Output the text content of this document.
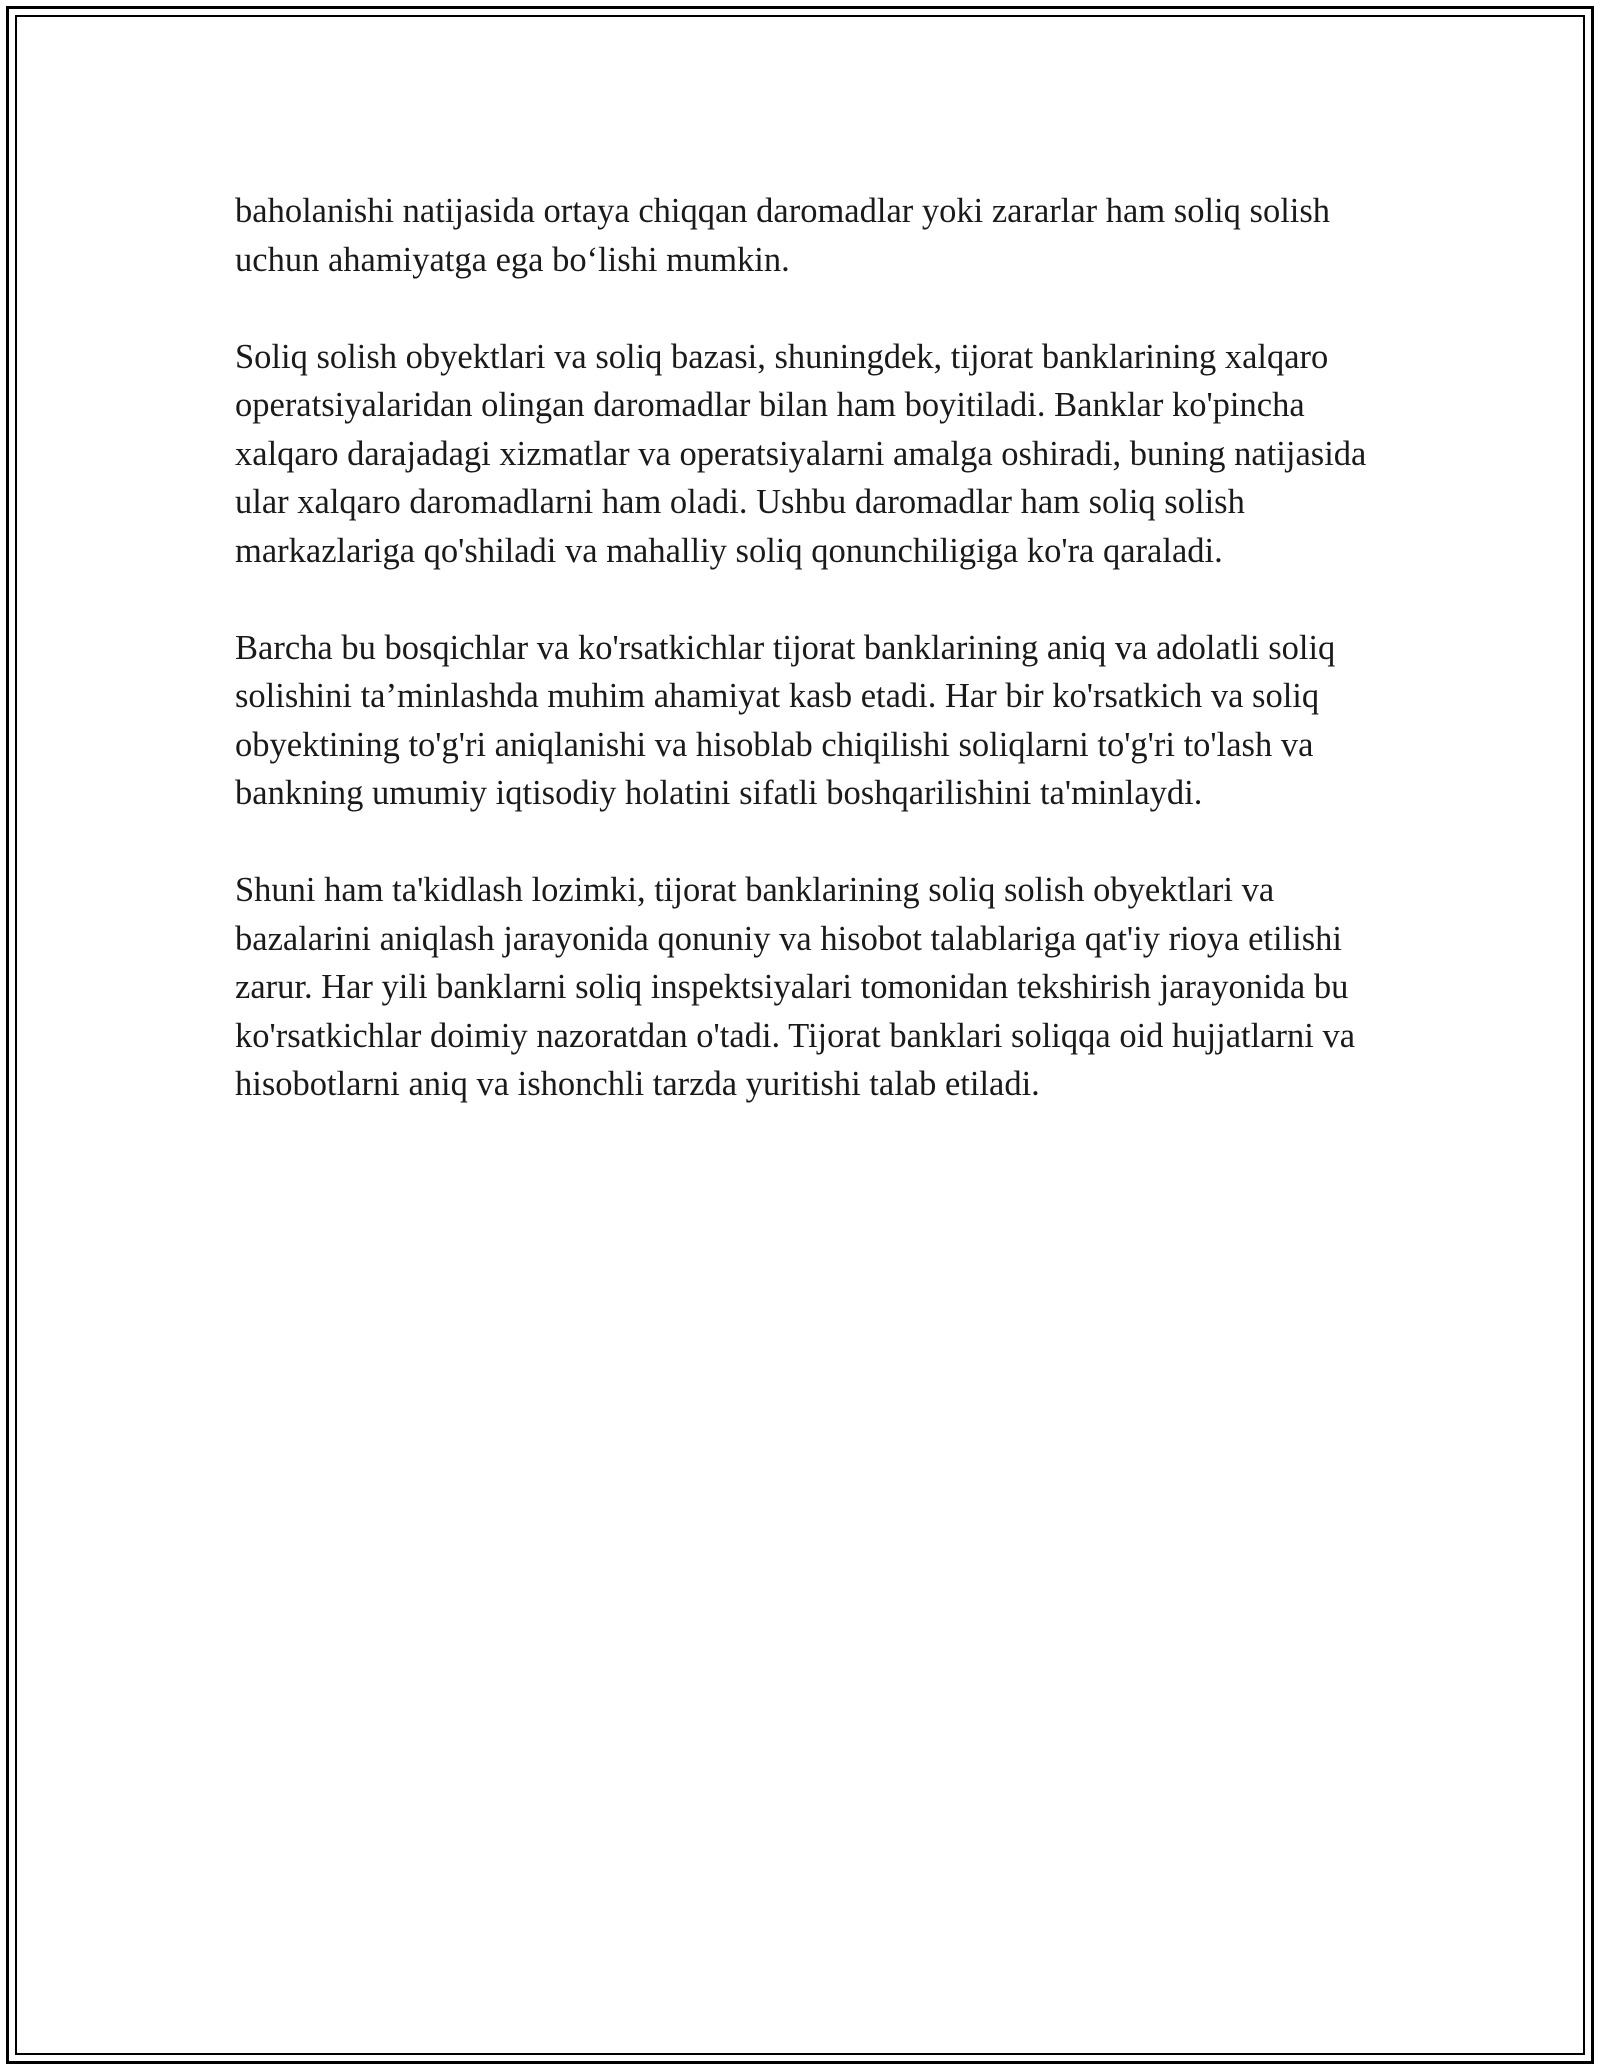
baholanishi natijasida ortaya chiqqan daromadlar yoki zararlar ham soliq solish uchun ahamiyatga ega bo‘lishi mumkin.

Soliq solish obyektlari va soliq bazasi, shuningdek, tijorat banklarining xalqaro operatsiyalaridan olingan daromadlar bilan ham boyitiladi. Banklar ko'pincha xalqaro darajadagi xizmatlar va operatsiyalarni amalga oshiradi, buning natijasida ular xalqaro daromadlarni ham oladi. Ushbu daromadlar ham soliq solish markazlariga qo'shiladi va mahalliy soliq qonunchiligiga ko'ra qaraladi.

Barcha bu bosqichlar va ko'rsatkichlar tijorat banklarining aniq va adolatli soliq solishini ta’minlashda muhim ahamiyat kasb etadi. Har bir ko'rsatkich va soliq obyektining to'g'ri aniqlanishi va hisoblab chiqilishi soliqlarni to'g'ri to'lash va bankning umumiy iqtisodiy holatini sifatli boshqarilishini ta'minlaydi.

Shuni ham ta'kidlash lozimki, tijorat banklarining soliq solish obyektlari va bazalarini aniqlash jarayonida qonuniy va hisobot talablariga qat'iy rioya etilishi zarur. Har yili banklarni soliq inspektsiyalari tomonidan tekshirish jarayonida bu ko'rsatkichlar doimiy nazoratdan o'tadi. Tijorat banklari soliqqa oid hujjatlarni va hisobotlarni aniq va ishonchli tarzda yuritishi talab etiladi.
